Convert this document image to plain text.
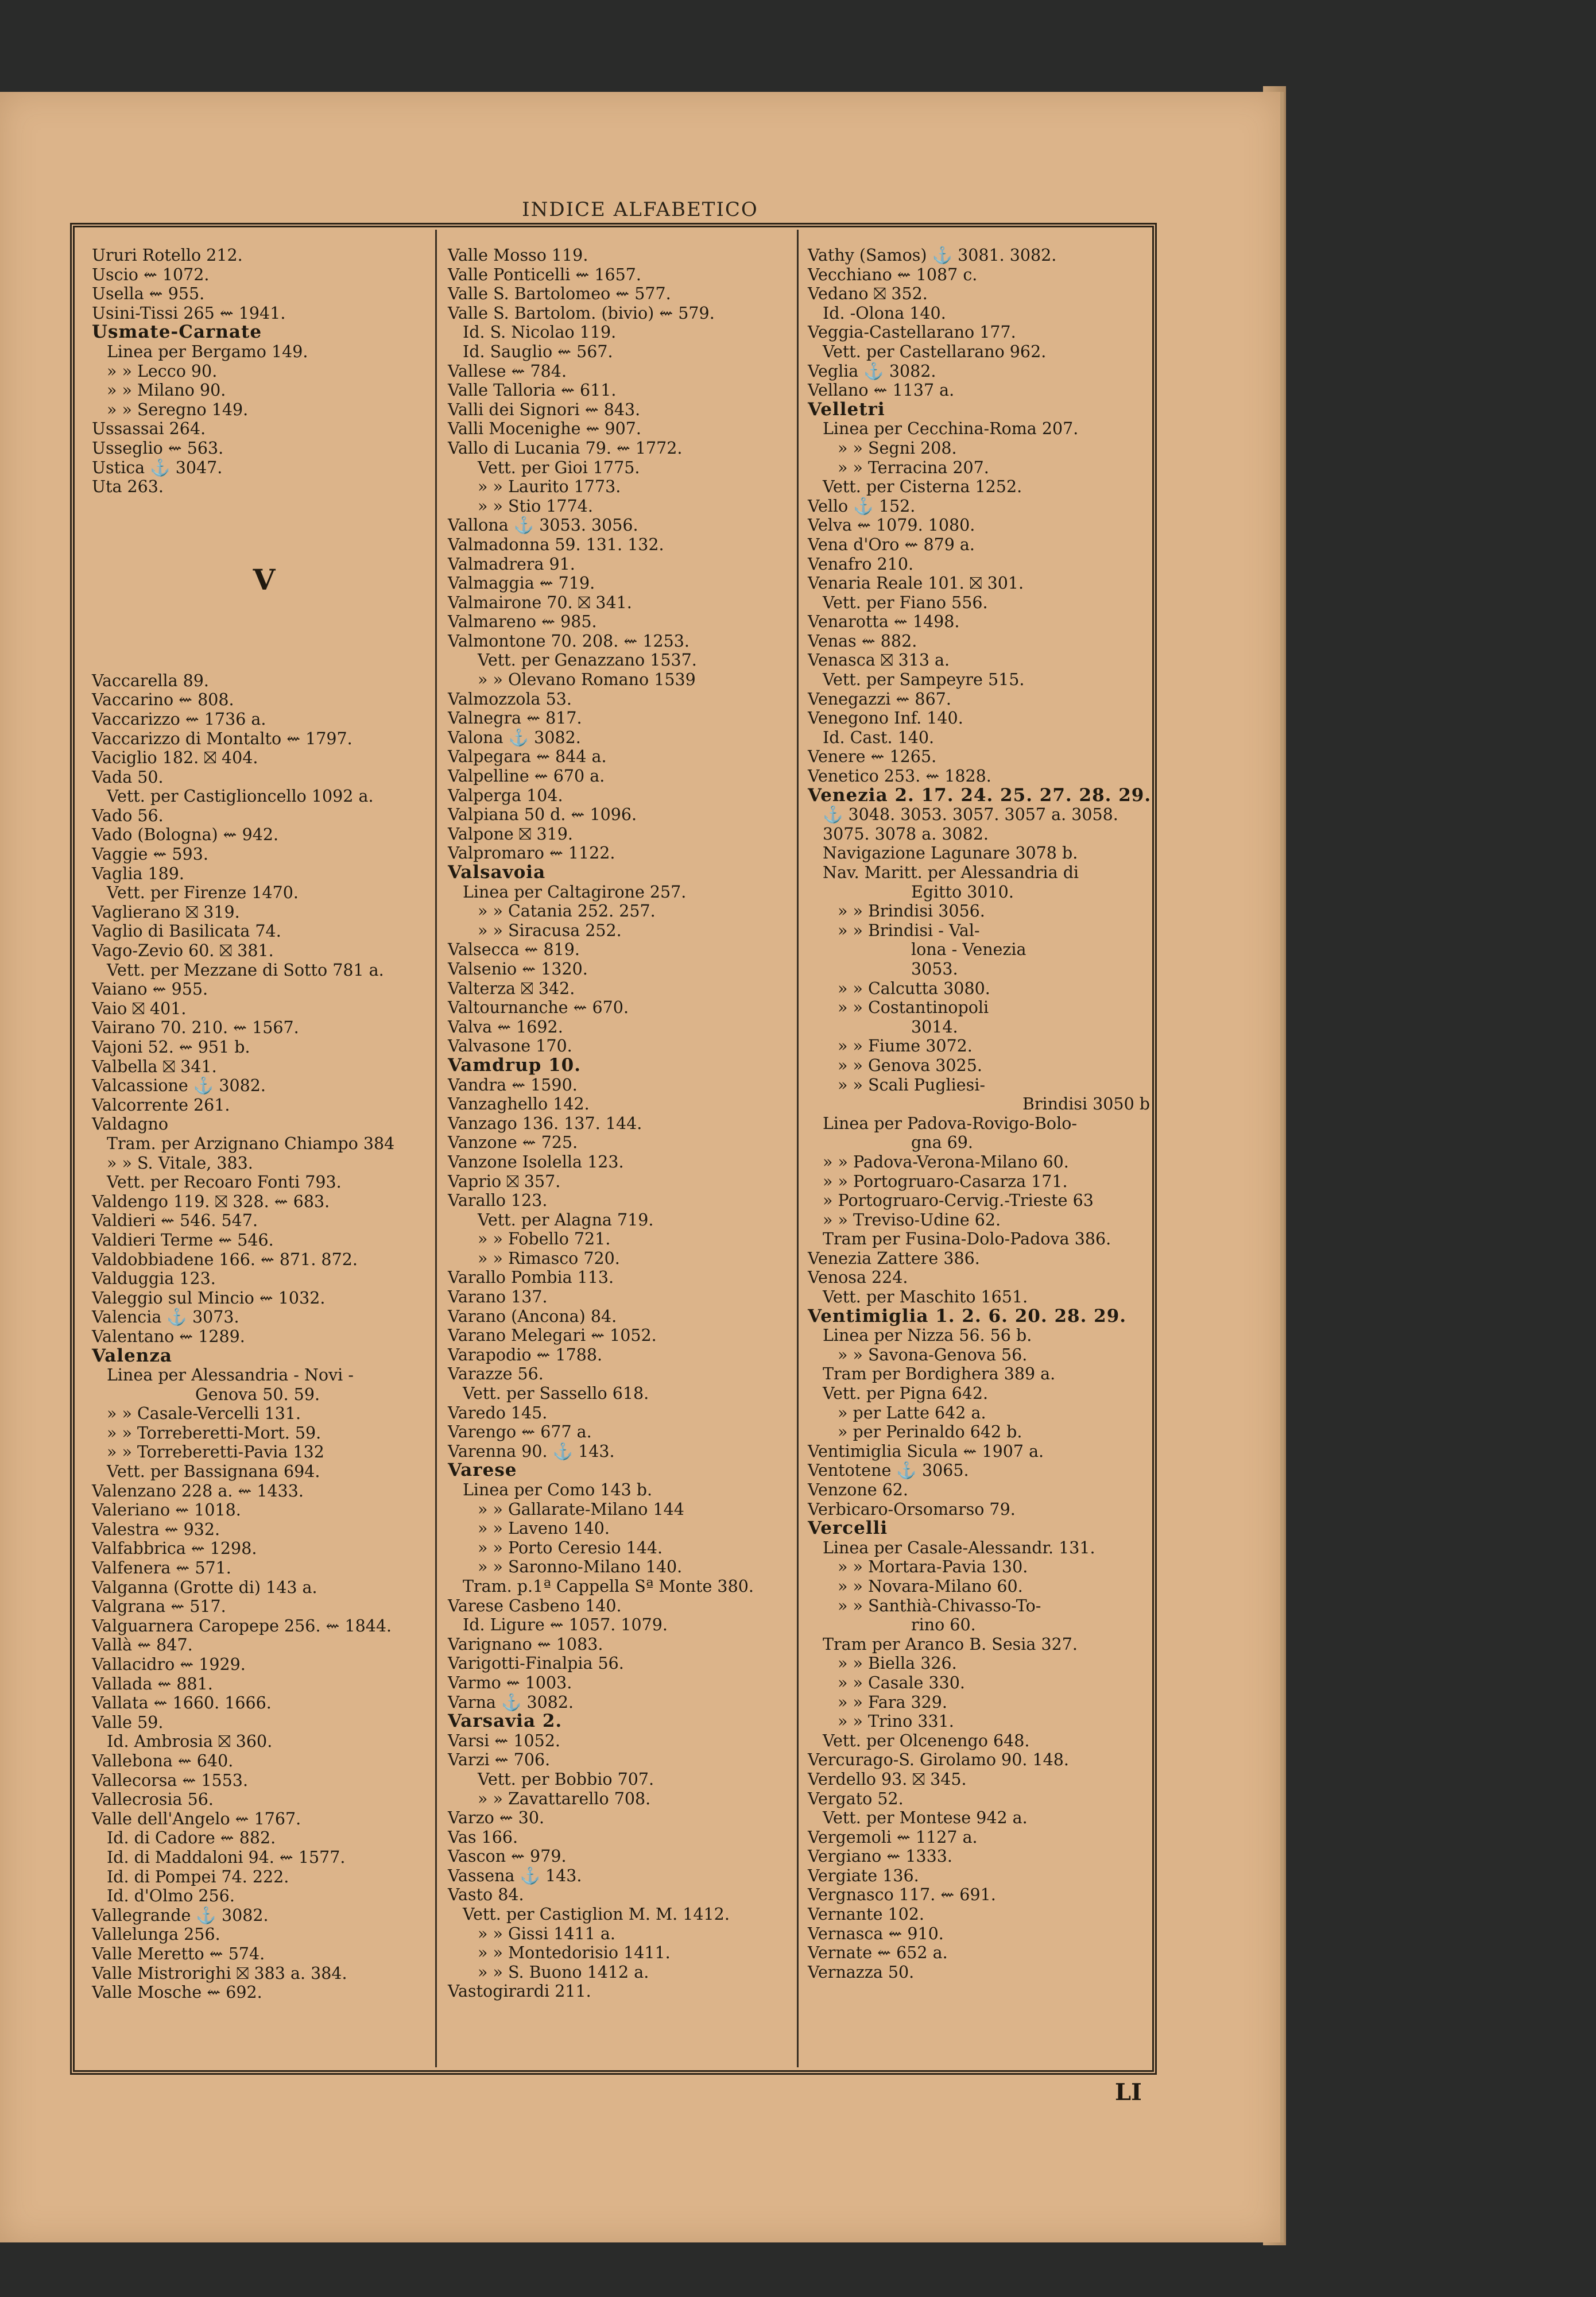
INDICE ALFABETICO
Ururi Rotello 212.
Uscio ⇜ 1072.
Usella ⇜ 955.
Usini-Tissi 265 ⇜ 1941.
Usmate-Carnate
Linea per Bergamo 149.
» » Lecco 90.
» » Milano 90.
» » Seregno 149.
Ussassai 264.
Usseglio ⇜ 563.
Ustica ⚓ 3047.
Uta 263.
V
Vaccarella 89.
Vaccarino ⇜ 808.
Vaccarizzo ⇜ 1736 a.
Vaccarizzo di Montalto ⇜ 1797.
Vaciglio 182. ⛝ 404.
Vada 50.
Vett. per Castiglioncello 1092 a.
Vado 56.
Vado (Bologna) ⇜ 942.
Vaggie ⇜ 593.
Vaglia 189.
Vett. per Firenze 1470.
Vaglierano ⛝ 319.
Vaglio di Basilicata 74.
Vago-Zevio 60. ⛝ 381.
Vett. per Mezzane di Sotto 781 a.
Vaiano ⇜ 955.
Vaio ⛝ 401.
Vairano 70. 210. ⇜ 1567.
Vajoni 52. ⇜ 951 b.
Valbella ⛝ 341.
Valcassione ⚓ 3082.
Valcorrente 261.
Valdagno
Tram. per Arzignano Chiampo 384
» » S. Vitale, 383.
Vett. per Recoaro Fonti 793.
Valdengo 119. ⛝ 328. ⇜ 683.
Valdieri ⇜ 546. 547.
Valdieri Terme ⇜ 546.
Valdobbiadene 166. ⇜ 871. 872.
Valduggia 123.
Valeggio sul Mincio ⇜ 1032.
Valencia ⚓ 3073.
Valentano ⇜ 1289.
Valenza
Linea per Alessandria - Novi -
Genova 50. 59.
» » Casale-Vercelli 131.
» » Torreberetti-Mort. 59.
» » Torreberetti-Pavia 132
Vett. per Bassignana 694.
Valenzano 228 a. ⇜ 1433.
Valeriano ⇜ 1018.
Valestra ⇜ 932.
Valfabbrica ⇜ 1298.
Valfenera ⇜ 571.
Valganna (Grotte di) 143 a.
Valgrana ⇜ 517.
Valguarnera Caropepe 256. ⇜ 1844.
Vallà ⇜ 847.
Vallacidro ⇜ 1929.
Vallada ⇜ 881.
Vallata ⇜ 1660. 1666.
Valle 59.
Id. Ambrosia ⛝ 360.
Vallebona ⇜ 640.
Vallecorsa ⇜ 1553.
Vallecrosia 56.
Valle dell'Angelo ⇜ 1767.
Id. di Cadore ⇜ 882.
Id. di Maddaloni 94. ⇜ 1577.
Id. di Pompei 74. 222.
Id. d'Olmo 256.
Vallegrande ⚓ 3082.
Vallelunga 256.
Valle Meretto ⇜ 574.
Valle Mistrorighi ⛝ 383 a. 384.
Valle Mosche ⇜ 692.
Valle Mosso 119.
Valle Ponticelli ⇜ 1657.
Valle S. Bartolomeo ⇜ 577.
Valle S. Bartolom. (bivio) ⇜ 579.
Id. S. Nicolao 119.
Id. Sauglio ⇜ 567.
Vallese ⇜ 784.
Valle Talloria ⇜ 611.
Valli dei Signori ⇜ 843.
Valli Mocenighe ⇜ 907.
Vallo di Lucania 79. ⇜ 1772.
Vett. per Gioi 1775.
» » Laurito 1773.
» » Stio 1774.
Vallona ⚓ 3053. 3056.
Valmadonna 59. 131. 132.
Valmadrera 91.
Valmaggia ⇜ 719.
Valmairone 70. ⛝ 341.
Valmareno ⇜ 985.
Valmontone 70. 208. ⇜ 1253.
Vett. per Genazzano 1537.
» » Olevano Romano 1539
Valmozzola 53.
Valnegra ⇜ 817.
Valona ⚓ 3082.
Valpegara ⇜ 844 a.
Valpelline ⇜ 670 a.
Valperga 104.
Valpiana 50 d. ⇜ 1096.
Valpone ⛝ 319.
Valpromaro ⇜ 1122.
Valsavoia
Linea per Caltagirone 257.
» » Catania 252. 257.
» » Siracusa 252.
Valsecca ⇜ 819.
Valsenio ⇜ 1320.
Valterza ⛝ 342.
Valtournanche ⇜ 670.
Valva ⇜ 1692.
Valvasone 170.
Vamdrup 10.
Vandra ⇜ 1590.
Vanzaghello 142.
Vanzago 136. 137. 144.
Vanzone ⇜ 725.
Vanzone Isolella 123.
Vaprio ⛝ 357.
Varallo 123.
Vett. per Alagna 719.
» » Fobello 721.
» » Rimasco 720.
Varallo Pombia 113.
Varano 137.
Varano (Ancona) 84.
Varano Melegari ⇜ 1052.
Varapodio ⇜ 1788.
Varazze 56.
Vett. per Sassello 618.
Varedo 145.
Varengo ⇜ 677 a.
Varenna 90. ⚓ 143.
Varese
Linea per Como 143 b.
» » Gallarate-Milano 144
» » Laveno 140.
» » Porto Ceresio 144.
» » Saronno-Milano 140.
Tram. p.1ª Cappella Sª Monte 380.
Varese Casbeno 140.
Id. Ligure ⇜ 1057. 1079.
Varignano ⇜ 1083.
Varigotti-Finalpia 56.
Varmo ⇜ 1003.
Varna ⚓ 3082.
Varsavia 2.
Varsi ⇜ 1052.
Varzi ⇜ 706.
Vett. per Bobbio 707.
» » Zavattarello 708.
Varzo ⇜ 30.
Vas 166.
Vascon ⇜ 979.
Vassena ⚓ 143.
Vasto 84.
Vett. per Castiglion M. M. 1412.
» » Gissi 1411 a.
» » Montedorisio 1411.
» » S. Buono 1412 a.
Vastogirardi 211.
Vathy (Samos) ⚓ 3081. 3082.
Vecchiano ⇜ 1087 c.
Vedano ⛝ 352.
Id. -Olona 140.
Veggia-Castellarano 177.
Vett. per Castellarano 962.
Veglia ⚓ 3082.
Vellano ⇜ 1137 a.
Velletri
Linea per Cecchina-Roma 207.
» » Segni 208.
» » Terracina 207.
Vett. per Cisterna 1252.
Vello ⚓ 152.
Velva ⇜ 1079. 1080.
Vena d'Oro ⇜ 879 a.
Venafro 210.
Venaria Reale 101. ⛝ 301.
Vett. per Fiano 556.
Venarotta ⇜ 1498.
Venas ⇜ 882.
Venasca ⛝ 313 a.
Vett. per Sampeyre 515.
Venegazzi ⇜ 867.
Venegono Inf. 140.
Id. Cast. 140.
Venere ⇜ 1265.
Venetico 253. ⇜ 1828.
Venezia 2. 17. 24. 25. 27. 28. 29.
⚓ 3048. 3053. 3057. 3057 a. 3058.
3075. 3078 a. 3082.
Navigazione Lagunare 3078 b.
Nav. Maritt. per Alessandria di
Egitto 3010.
» » Brindisi 3056.
» » Brindisi - Val-
lona - Venezia
3053.
» » Calcutta 3080.
» » Costantinopoli
3014.
» » Fiume 3072.
» » Genova 3025.
» » Scali Pugliesi-
Brindisi 3050 b
Linea per Padova-Rovigo-Bolo-
gna 69.
» » Padova-Verona-Milano 60.
» » Portogruaro-Casarza 171.
» Portogruaro-Cervig.-Trieste 63
» » Treviso-Udine 62.
Tram per Fusina-Dolo-Padova 386.
Venezia Zattere 386.
Venosa 224.
Vett. per Maschito 1651.
Ventimiglia 1. 2. 6. 20. 28. 29.
Linea per Nizza 56. 56 b.
» » Savona-Genova 56.
Tram per Bordighera 389 a.
Vett. per Pigna 642.
» per Latte 642 a.
» per Perinaldo 642 b.
Ventimiglia Sicula ⇜ 1907 a.
Ventotene ⚓ 3065.
Venzone 62.
Verbicaro-Orsomarso 79.
Vercelli
Linea per Casale-Alessandr. 131.
» » Mortara-Pavia 130.
» » Novara-Milano 60.
» » Santhià-Chivasso-To-
rino 60.
Tram per Aranco B. Sesia 327.
» » Biella 326.
» » Casale 330.
» » Fara 329.
» » Trino 331.
Vett. per Olcenengo 648.
Vercurago-S. Girolamo 90. 148.
Verdello 93. ⛝ 345.
Vergato 52.
Vett. per Montese 942 a.
Vergemoli ⇜ 1127 a.
Vergiano ⇜ 1333.
Vergiate 136.
Vergnasco 117. ⇜ 691.
Vernante 102.
Vernasca ⇜ 910.
Vernate ⇜ 652 a.
Vernazza 50.
LI
